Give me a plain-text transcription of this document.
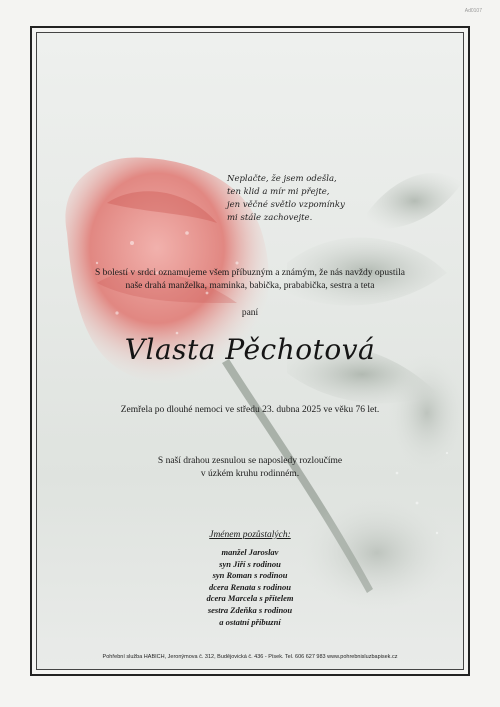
Ad0107
Neplačte, že jsem odešla,
ten klid a mír mi přejte,
jen věčné světlo vzpomínky
mi stále zachovejte.
S bolestí v srdci oznamujeme všem příbuzným a známým, že nás navždy opustila
naše drahá manželka, maminka, babička, prababička, sestra a teta
paní
Vlasta Pěchotová
Zemřela po dlouhé nemoci ve středu 23. dubna 2025 ve věku 76 let.
S naší drahou zesnulou se naposledy rozloučíme
v úzkém kruhu rodinném.
Jménem pozůstalých:
manžel Jaroslav
syn Jiří s rodinou
syn Roman s rodinou
dcera Renata s rodinou
dcera Marcela s přítelem
sestra Zdeňka s rodinou
a ostatní příbuzní
Pohřební služba HABICH, Jeronýmova č. 312, Budějovická č. 436 - Písek. Tel. 606 627 983 www.pohrebnisluzbapisek.cz
